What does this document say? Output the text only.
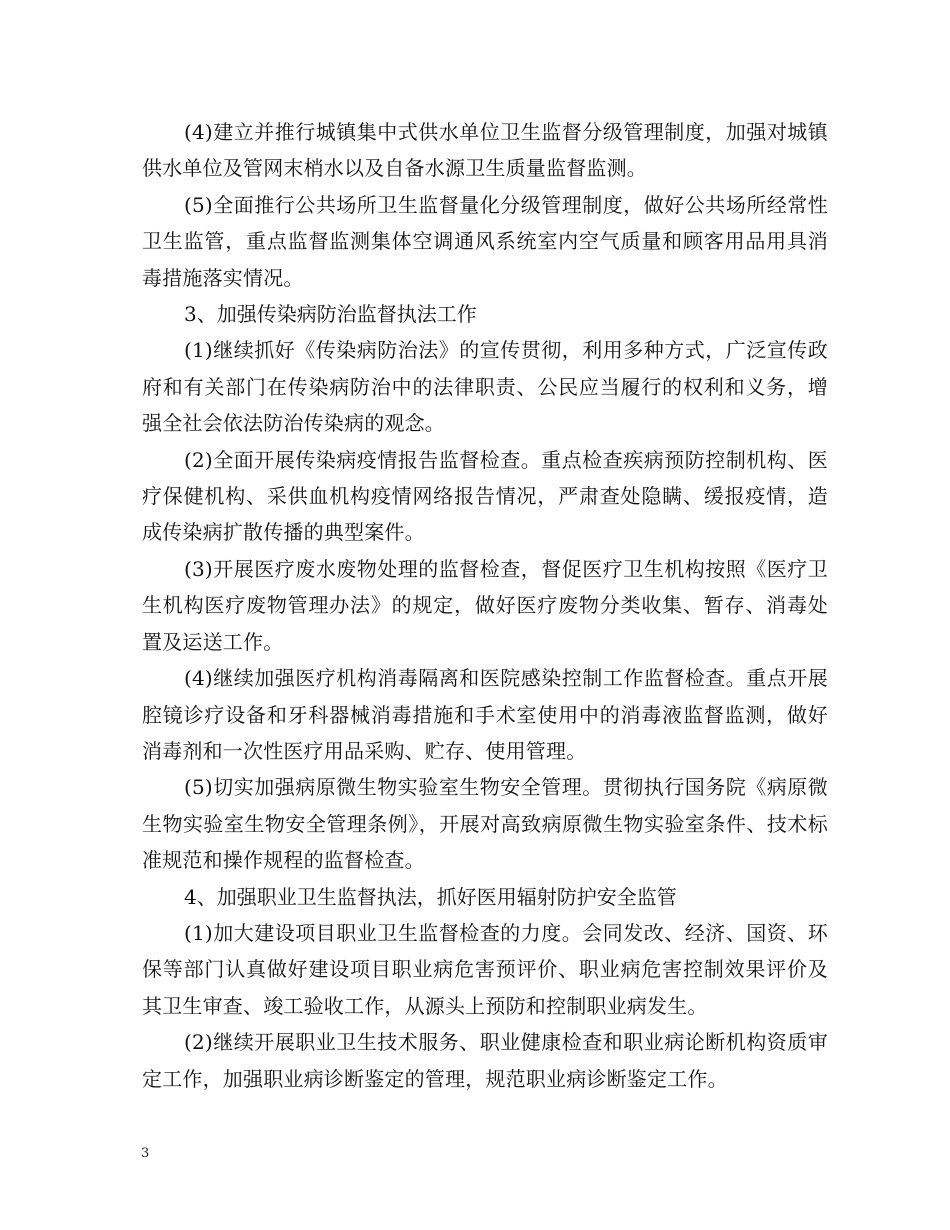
(4)建立并推行城镇集中式供水单位卫生监督分级管理制度，加强对城镇供水单位及管网末梢水以及自备水源卫生质量监督监测。

(5)全面推行公共场所卫生监督量化分级管理制度，做好公共场所经常性卫生监管，重点监督监测集体空调通风系统室内空气质量和顾客用品用具消毒措施落实情况。

3、加强传染病防治监督执法工作

(1)继续抓好《传染病防治法》的宣传贯彻，利用多种方式，广泛宣传政府和有关部门在传染病防治中的法律职责、公民应当履行的权利和义务，增强全社会依法防治传染病的观念。

(2)全面开展传染病疫情报告监督检查。重点检查疾病预防控制机构、医疗保健机构、采供血机构疫情网络报告情况，严肃查处隐瞒、缓报疫情，造成传染病扩散传播的典型案件。

(3)开展医疗废水废物处理的监督检查，督促医疗卫生机构按照《医疗卫生机构医疗废物管理办法》的规定，做好医疗废物分类收集、暂存、消毒处置及运送工作。

(4)继续加强医疗机构消毒隔离和医院感染控制工作监督检查。重点开展腔镜诊疗设备和牙科器械消毒措施和手术室使用中的消毒液监督监测，做好消毒剂和一次性医疗用品采购、贮存、使用管理。

(5)切实加强病原微生物实验室生物安全管理。贯彻执行国务院《病原微生物实验室生物安全管理条例》，开展对高致病原微生物实验室条件、技术标准规范和操作规程的监督检查。

4、加强职业卫生监督执法，抓好医用辐射防护安全监管

(1)加大建设项目职业卫生监督检查的力度。会同发改、经济、国资、环保等部门认真做好建设项目职业病危害预评价、职业病危害控制效果评价及其卫生审查、竣工验收工作，从源头上预防和控制职业病发生。

(2)继续开展职业卫生技术服务、职业健康检查和职业病论断机构资质审定工作，加强职业病诊断鉴定的管理，规范职业病诊断鉴定工作。

3
